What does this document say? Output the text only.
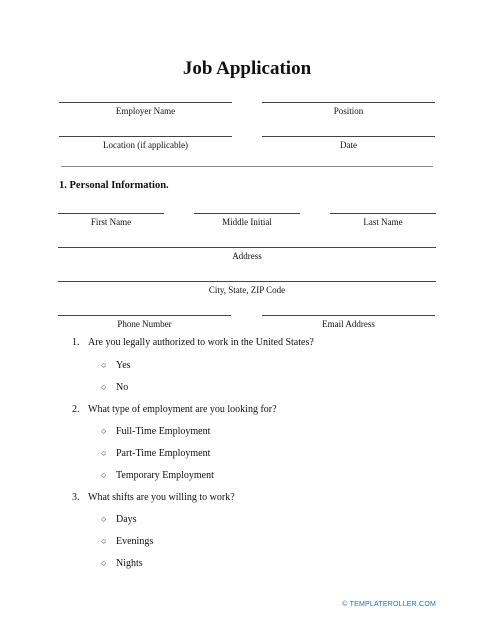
Job Application
Employer Name	Position
Location (if applicable)	Date
1. Personal Information.
First Name	Middle Initial	Last Name
Address
City, State, ZIP Code
Phone Number	Email Address
1. Are you legally authorized to work in the United States?
○ Yes
○ No
2. What type of employment are you looking for?
○ Full-Time Employment
○ Part-Time Employment
○ Temporary Employment
3. What shifts are you willing to work?
○ Days
○ Evenings
○ Nights
© TEMPLATEROLLER.COM
